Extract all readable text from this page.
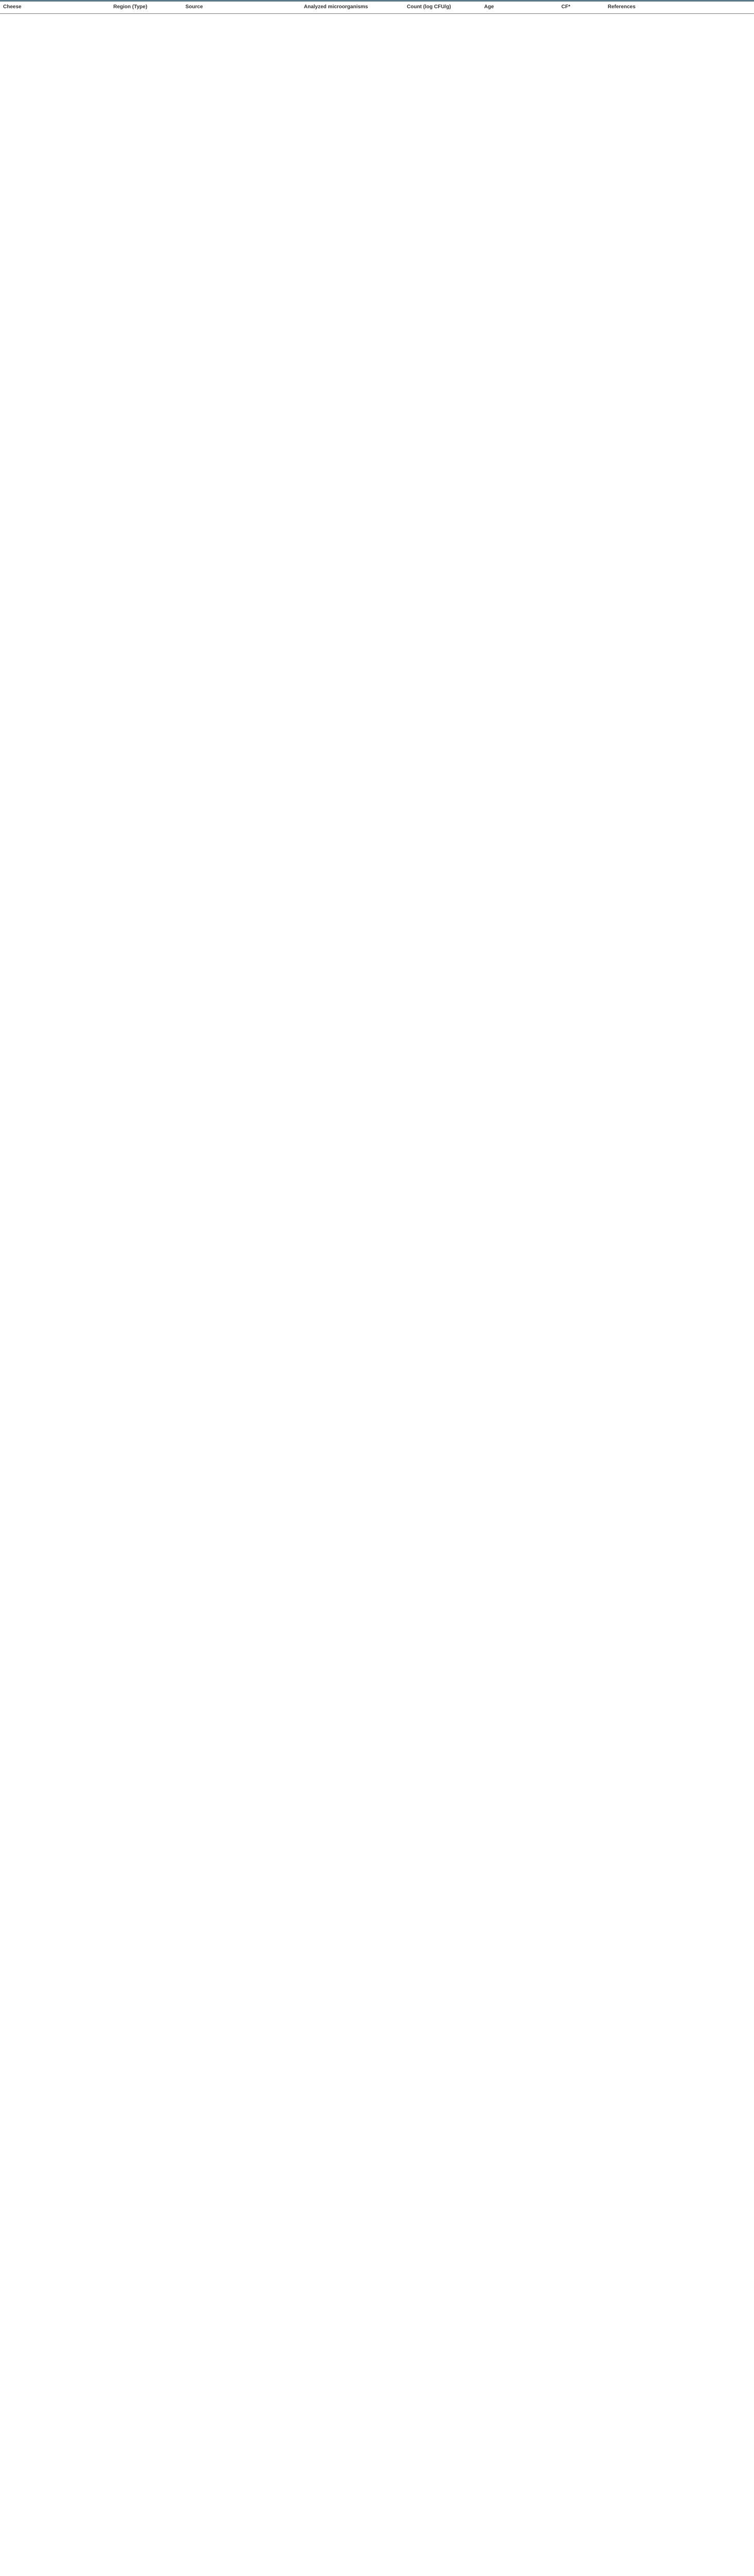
Cheese	Region (Type)	Source	Analyzed microorganisms	Count (log CFU/g)	Age	CF*	References
